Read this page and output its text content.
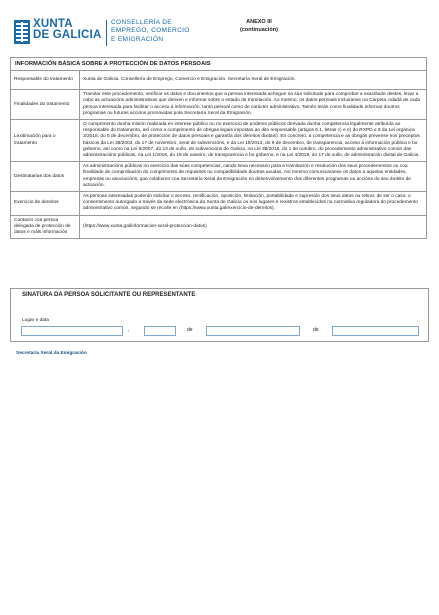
XUNTA
DE GALICIA
CONSELLERÍA DE
EMPREGO, COMERCIO
E EMIGRACIÓN
ANEXO III
(continuación)
INFORMACIÓN BÁSICA SOBRE A PROTECCIÓN DE DATOS PERSOAIS	
Responsable do tratamento	Xunta de Galicia. Consellería de Emprego, Comercio e Emigración. Secretaría Xeral de Emigración.
Finalidades do tratamento	Tramitar este procedemento, verificar os datos e documentos que a persoa interesada achegue na súa solicitude para comprobar a exactitude destes, levar a cabo as actuacións administrativas que deriven e informar sobre o estado de tramitación. Ao mesmo, os datos persoais incluiranse na Carpeta cidadá de cada persoa interesada para facilitar o acceso á información, tanto persoal como de carácter administrativo. Tamén terán como finalidade informar doutros programas ou futuras accións promovidas pola Secretaría Xeral da Emigración.
Lexitimación para o tratamento	O cumprimento dunha misión realizada en interese público ou no exercicio de poderes públicos derivada dunha competencia legalmente atribuída ao responsable do tratamento, así como o cumprimento de obrigas legais impostas ao dito responsable (artigos 6.1, letras c) e e) do RXPD e 8 da Lei orgánica 3/2018, do 5 de decembro, de protección de datos persoais e garantía dos dereitos dixitais). En concreto, a competencia e as obrigas prevense nos preceptos básicos da Lei 38/2003, do 17 de novembro, xeral de subvencións, e da Lei 19/2013, do 9 de decembro, de transparencia, acceso á información pública e bo goberno, así como na Lei 9/2007, do 13 de xuño, de subvencións de Galicia, na Lei 39/2015, do 1 de outubro, do procedemento administrativo común das administracións públicas, na Lei 1/2016, do 18 de xaneiro, de transparencia e bo goberno, e na Lei 4/2019, do 17 de xullo, de administración dixital de Galicia.
Destinatarias dos datos	As administracións públicas no exercicio das súas competencias, cando sexa necesario para a tramitación e resolución dos seus procedementos ou coa finalidade de comprobación do cumprimento de requisitos ou compatibilidade doutras axudas. Así mesmo comunicaranse os datos a aquelas entidades, empresas ou asociacións, que colaboren coa Secretaría Xeral da Emigración no desenvolvemento dos diferentes programas ou accións do seu ámbito de actuación.
Exercicio de dereitos	As persoas interesadas poderán solicitar o acceso, rectificación, oposición, limitación, portabilidade e supresión dos seus datos ou retirar, de ser o caso, o consentimento outorgado a través da sede electrónica da Xunta de Galicia ou nos lugares e rexistros establecidos na normativa reguladora do procedemento administrativo común, segundo se recolle en (https://www.xunta.gal/exercicio-de-dereitos).
Contacto coa persoa delegada de protección de datos e máis información	(https://www.xunta.gal/informacion-xeral-proteccion-datos)
SINATURA DA PERSOA SOLICITANTE OU REPRESENTANTE
Lugar e data
,	de	de
Secretaría Xeral da Emigración
